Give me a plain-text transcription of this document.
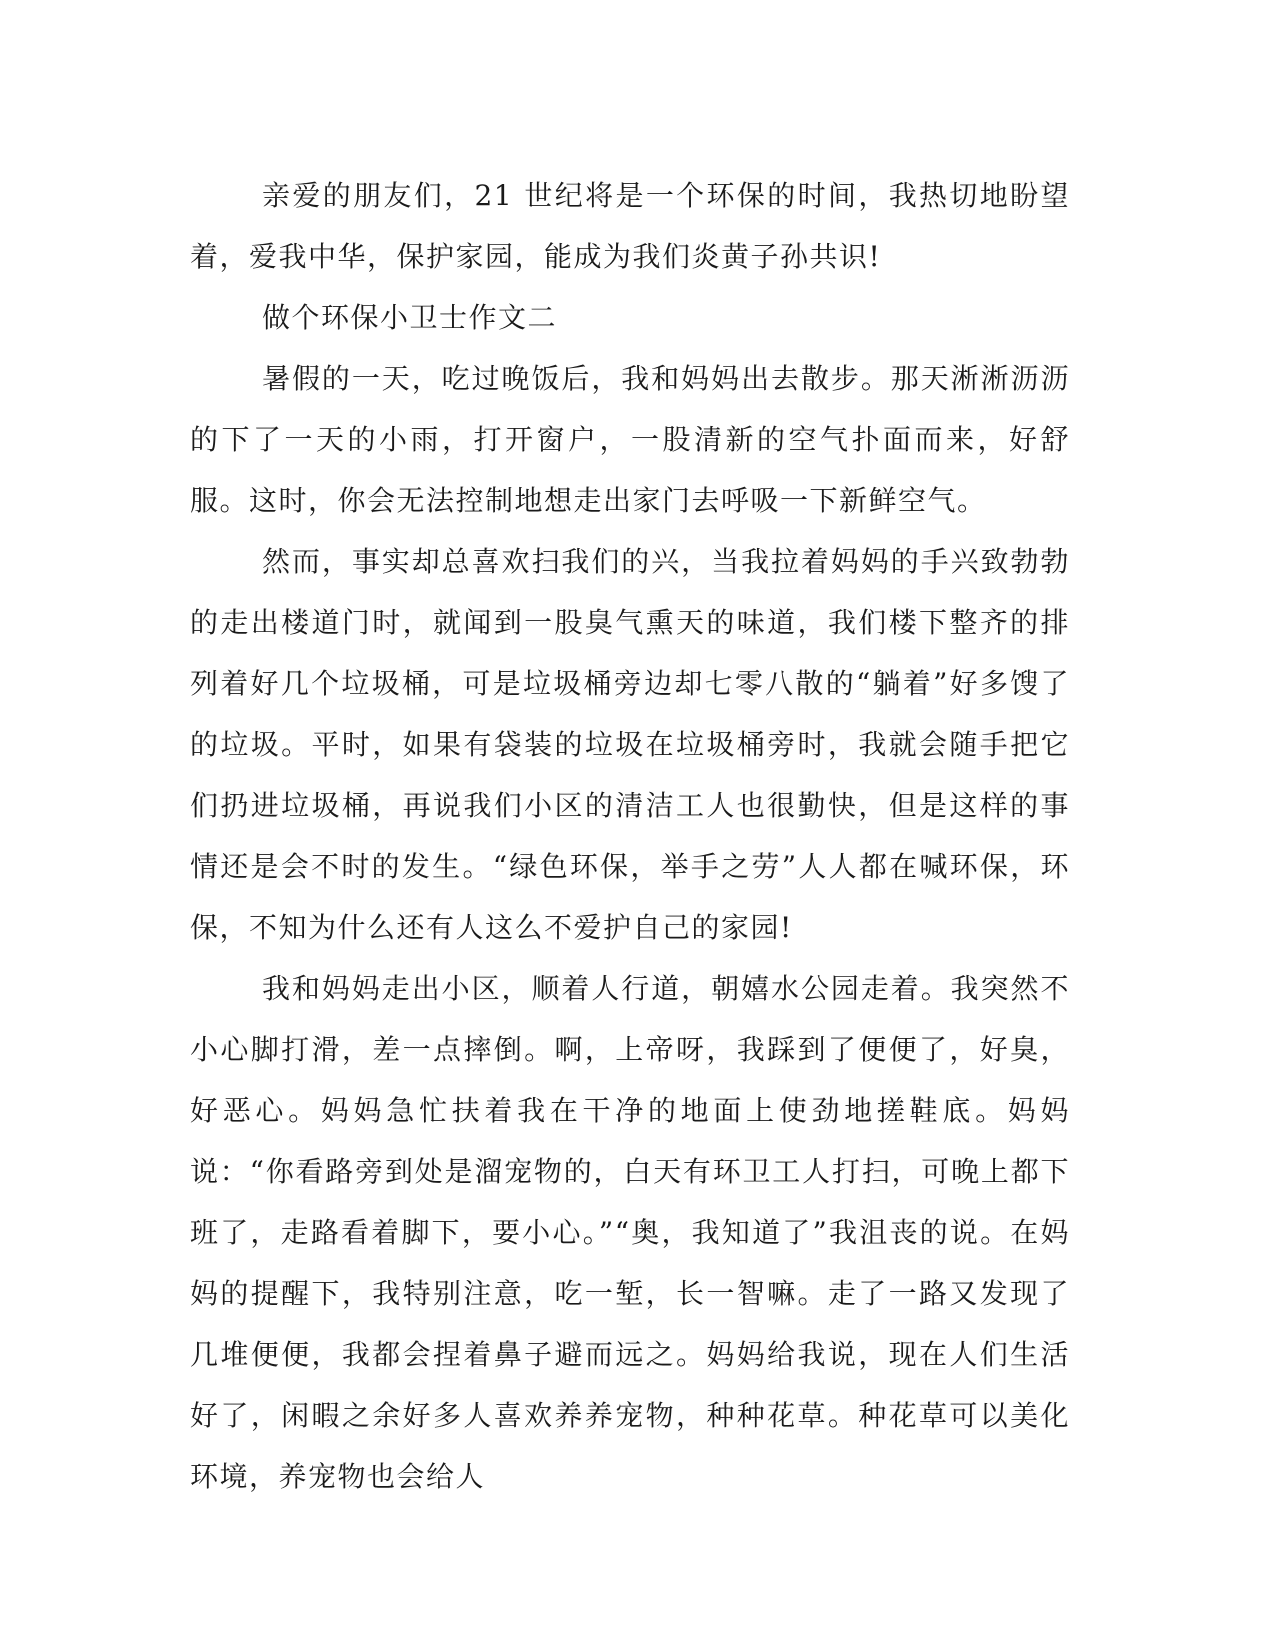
亲爱的朋友们，21 世纪将是一个环保的时间，我热切地盼望着，爱我中华，保护家园，能成为我们炎黄子孙共识!

做个环保小卫士作文二

暑假的一天，吃过晚饭后，我和妈妈出去散步。那天淅淅沥沥的下了一天的小雨，打开窗户，一股清新的空气扑面而来，好舒服。这时，你会无法控制地想走出家门去呼吸一下新鲜空气。

然而，事实却总喜欢扫我们的兴，当我拉着妈妈的手兴致勃勃的走出楼道门时，就闻到一股臭气熏天的味道，我们楼下整齐的排列着好几个垃圾桶，可是垃圾桶旁边却七零八散的“躺着”好多馊了的垃圾。平时，如果有袋装的垃圾在垃圾桶旁时，我就会随手把它们扔进垃圾桶，再说我们小区的清洁工人也很勤快，但是这样的事情还是会不时的发生。“绿色环保，举手之劳”人人都在喊环保，环保，不知为什么还有人这么不爱护自己的家园!

我和妈妈走出小区，顺着人行道，朝嬉水公园走着。我突然不小心脚打滑，差一点摔倒。啊，上帝呀，我踩到了便便了，好臭，好恶心。妈妈急忙扶着我在干净的地面上使劲地搓鞋底。妈妈说：“你看路旁到处是溜宠物的，白天有环卫工人打扫，可晚上都下班了，走路看着脚下，要小心。”“奥，我知道了”我沮丧的说。在妈妈的提醒下，我特别注意，吃一堑，长一智嘛。走了一路又发现了几堆便便，我都会捏着鼻子避而远之。妈妈给我说，现在人们生活好了，闲暇之余好多人喜欢养养宠物，种种花草。种花草可以美化环境，养宠物也会给人
